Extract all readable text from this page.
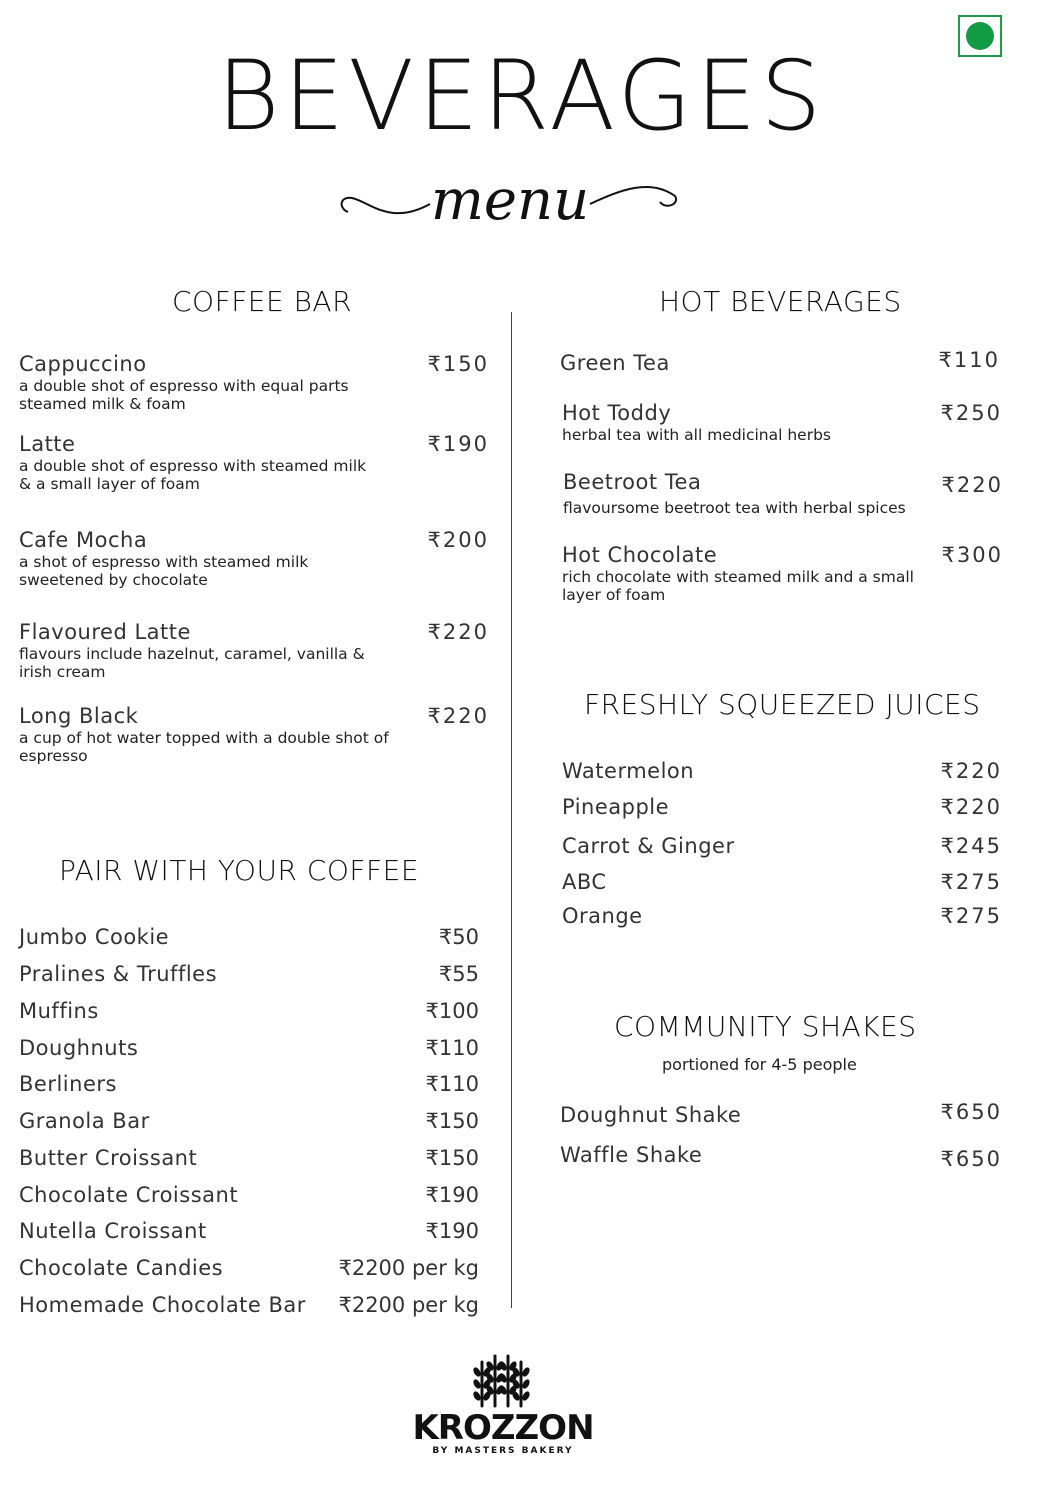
BEVERAGES
menu
COFFEE BAR
Cappuccino	₹150
a double shot of espresso with equal parts steamed milk & foam
Latte	₹190
a double shot of espresso with steamed milk & a small layer of foam
Cafe Mocha	₹200
a shot of espresso with steamed milk sweetened by chocolate
Flavoured Latte	₹220
flavours include hazelnut, caramel, vanilla & irish cream
Long Black	₹220
a cup of hot water topped with a double shot of espresso
PAIR WITH YOUR COFFEE
Jumbo Cookie	₹50
Pralines & Truffles	₹55
Muffins	₹100
Doughnuts	₹110
Berliners	₹110
Granola Bar	₹150
Butter Croissant	₹150
Chocolate Croissant	₹190
Nutella Croissant	₹190
Chocolate Candies	₹2200 per kg
Homemade Chocolate Bar ₹2200 per kg
HOT BEVERAGES
Green Tea	₹110
Hot Toddy	₹250
herbal tea with all medicinal herbs
Beetroot Tea	₹220
flavoursome beetroot tea with herbal spices
Hot Chocolate	₹300
rich chocolate with steamed milk and a small layer of foam
FRESHLY SQUEEZED JUICES
Watermelon	₹220
Pineapple	₹220
Carrot & Ginger	₹245
ABC	₹275
Orange	₹275
COMMUNITY SHAKES
portioned for 4-5 people
Doughnut Shake	₹650
Waffle Shake	₹650
KROZZON
BY MASTERS BAKERY
